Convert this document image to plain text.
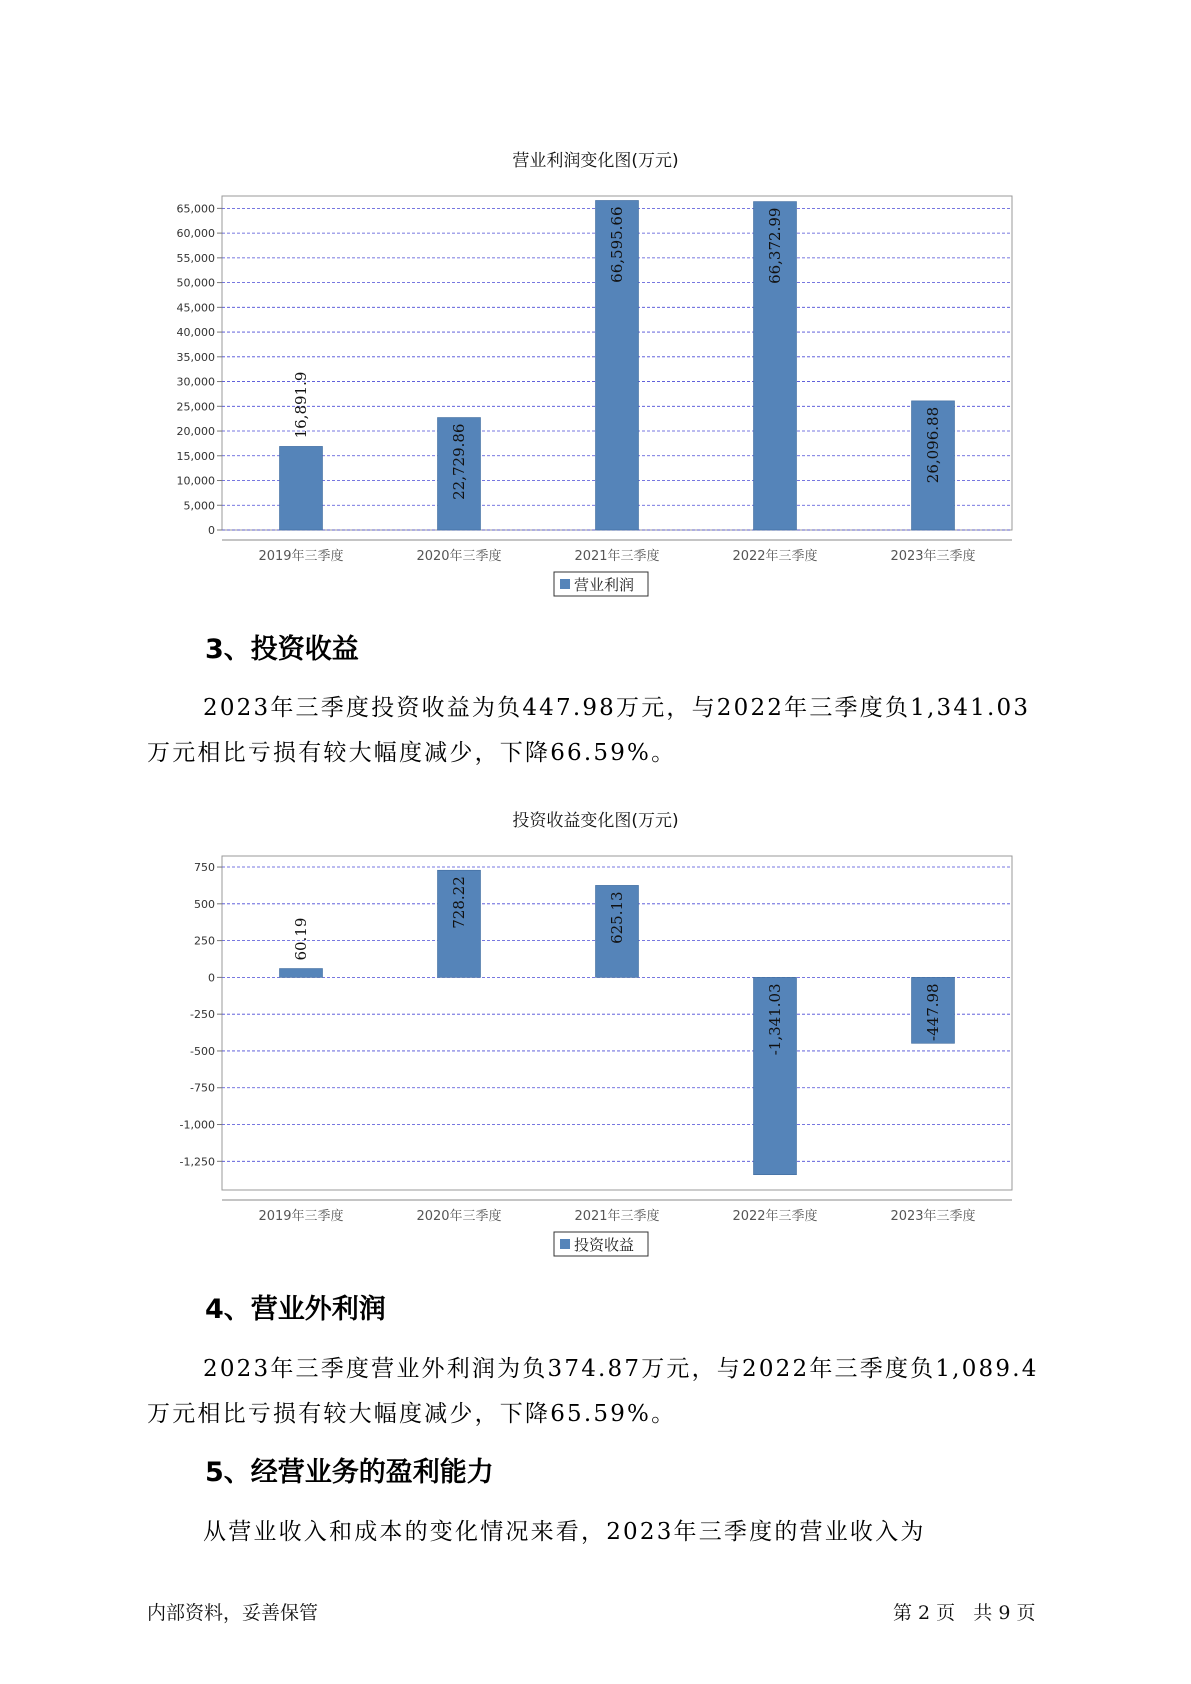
营业利润变化图(万元)
0
5,000
10,000
15,000
20,000
25,000
30,000
35,000
40,000
45,000
50,000
55,000
60,000
65,000
16,891.9
2019年三季度
22,729.86
2020年三季度
66,595.66
2021年三季度
66,372.99
2022年三季度
26,096.88
2023年三季度
营业利润
3、投资收益
2023年三季度投资收益为负447.98万元，与2022年三季度负1,341.03
万元相比亏损有较大幅度减少，下降66.59%。
投资收益变化图(万元)
750
500
250
0
-250
-500
-750
-1,000
-1,250
60.19
2019年三季度
728.22
2020年三季度
625.13
2021年三季度
-1,341.03
2022年三季度
-447.98
2023年三季度
投资收益
4、营业外利润
2023年三季度营业外利润为负374.87万元，与2022年三季度负1,089.4
万元相比亏损有较大幅度减少，下降65.59%。
5、经营业务的盈利能力
从营业收入和成本的变化情况来看，2023年三季度的营业收入为
内部资料，妥善保管	第 2 页   共 9 页
